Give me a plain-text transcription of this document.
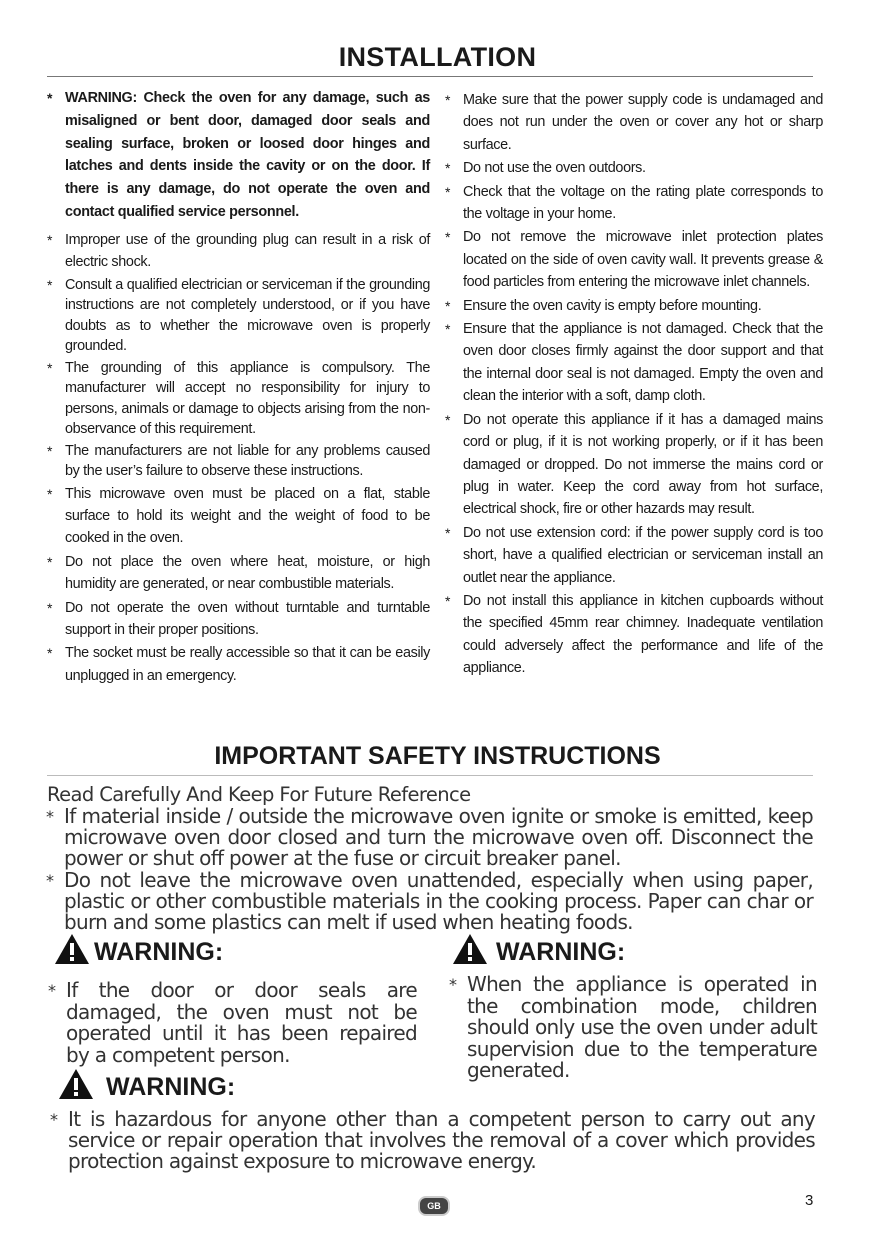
INSTALLATION
* WARNING: Check the oven for any damage, such as misaligned or bent door, damaged door seals and sealing surface, broken or loosed door hinges and latches and dents inside the cavity or on the door. If there is any damage, do not operate the oven and contact qualified service personnel.
* Improper use of the grounding plug can result in a risk of electric shock.
* Consult a qualified electrician or serviceman if the grounding instructions are not completely understood, or if you have doubts as to whether the microwave oven is properly grounded.
* The grounding of this appliance is compulsory. The manufacturer will accept no responsibility for injury to persons, animals or damage to objects arising from the non-observance of this requirement.
* The manufacturers are not liable for any problems caused by the user’s failure to observe these instructions.
* This microwave oven must be placed on a flat, stable surface to hold its weight and the weight of food to be cooked in the oven.
* Do not place the oven where heat, moisture, or high humidity are generated, or near combustible materials.
* Do not operate the oven without turntable and turntable support in their proper positions.
* The socket must be really accessible so that it can be easily unplugged in an emergency.
* Make sure that the power supply code is undamaged and does not run under the oven or cover any hot or sharp surface.
* Do not use the oven outdoors.
* Check that the voltage on the rating plate corresponds to the voltage in your home.
* Do not remove the microwave inlet protection plates located on the side of oven cavity wall. It prevents grease & food particles from entering the microwave inlet channels.
* Ensure the oven cavity is empty before mounting.
* Ensure that the appliance is not damaged. Check that the oven door closes firmly against the door support and that the internal door seal is not damaged. Empty the oven and clean the interior with a soft, damp cloth.
* Do not operate this appliance if it has a damaged mains cord or plug, if it is not working properly, or if it has been damaged or dropped. Do not immerse the mains cord or plug in water. Keep the cord away from hot surface, electrical shock, fire or other hazards may result.
* Do not use extension cord: if the power supply cord is too short, have a qualified electrician or serviceman install an outlet near the appliance.
* Do not install this appliance in kitchen cupboards without the specified 45mm rear chimney. Inadequate ventilation could adversely affect the performance and life of the appliance.
IMPORTANT SAFETY INSTRUCTIONS
Read Carefully And Keep For Future Reference
* If material inside / outside the microwave oven ignite or smoke is emitted, keep microwave oven door closed and turn the microwave oven off. Disconnect the power or shut off power at the fuse or circuit breaker panel.
* Do not leave the microwave oven unattended, especially when using paper, plastic or other combustible materials in the cooking process. Paper can char or burn and some plastics can melt if used when heating foods.
WARNING:	WARNING:
* If the door or door seals are damaged, the oven must not be operated until it has been repaired by a competent person.
* When the appliance is operated in the combination mode, children should only use the oven under adult supervision due to the temperature generated.
WARNING:
* It is hazardous for anyone other than a competent person to carry out any service or repair operation that involves the removal of a cover which provides protection against exposure to microwave energy.
GB	3
